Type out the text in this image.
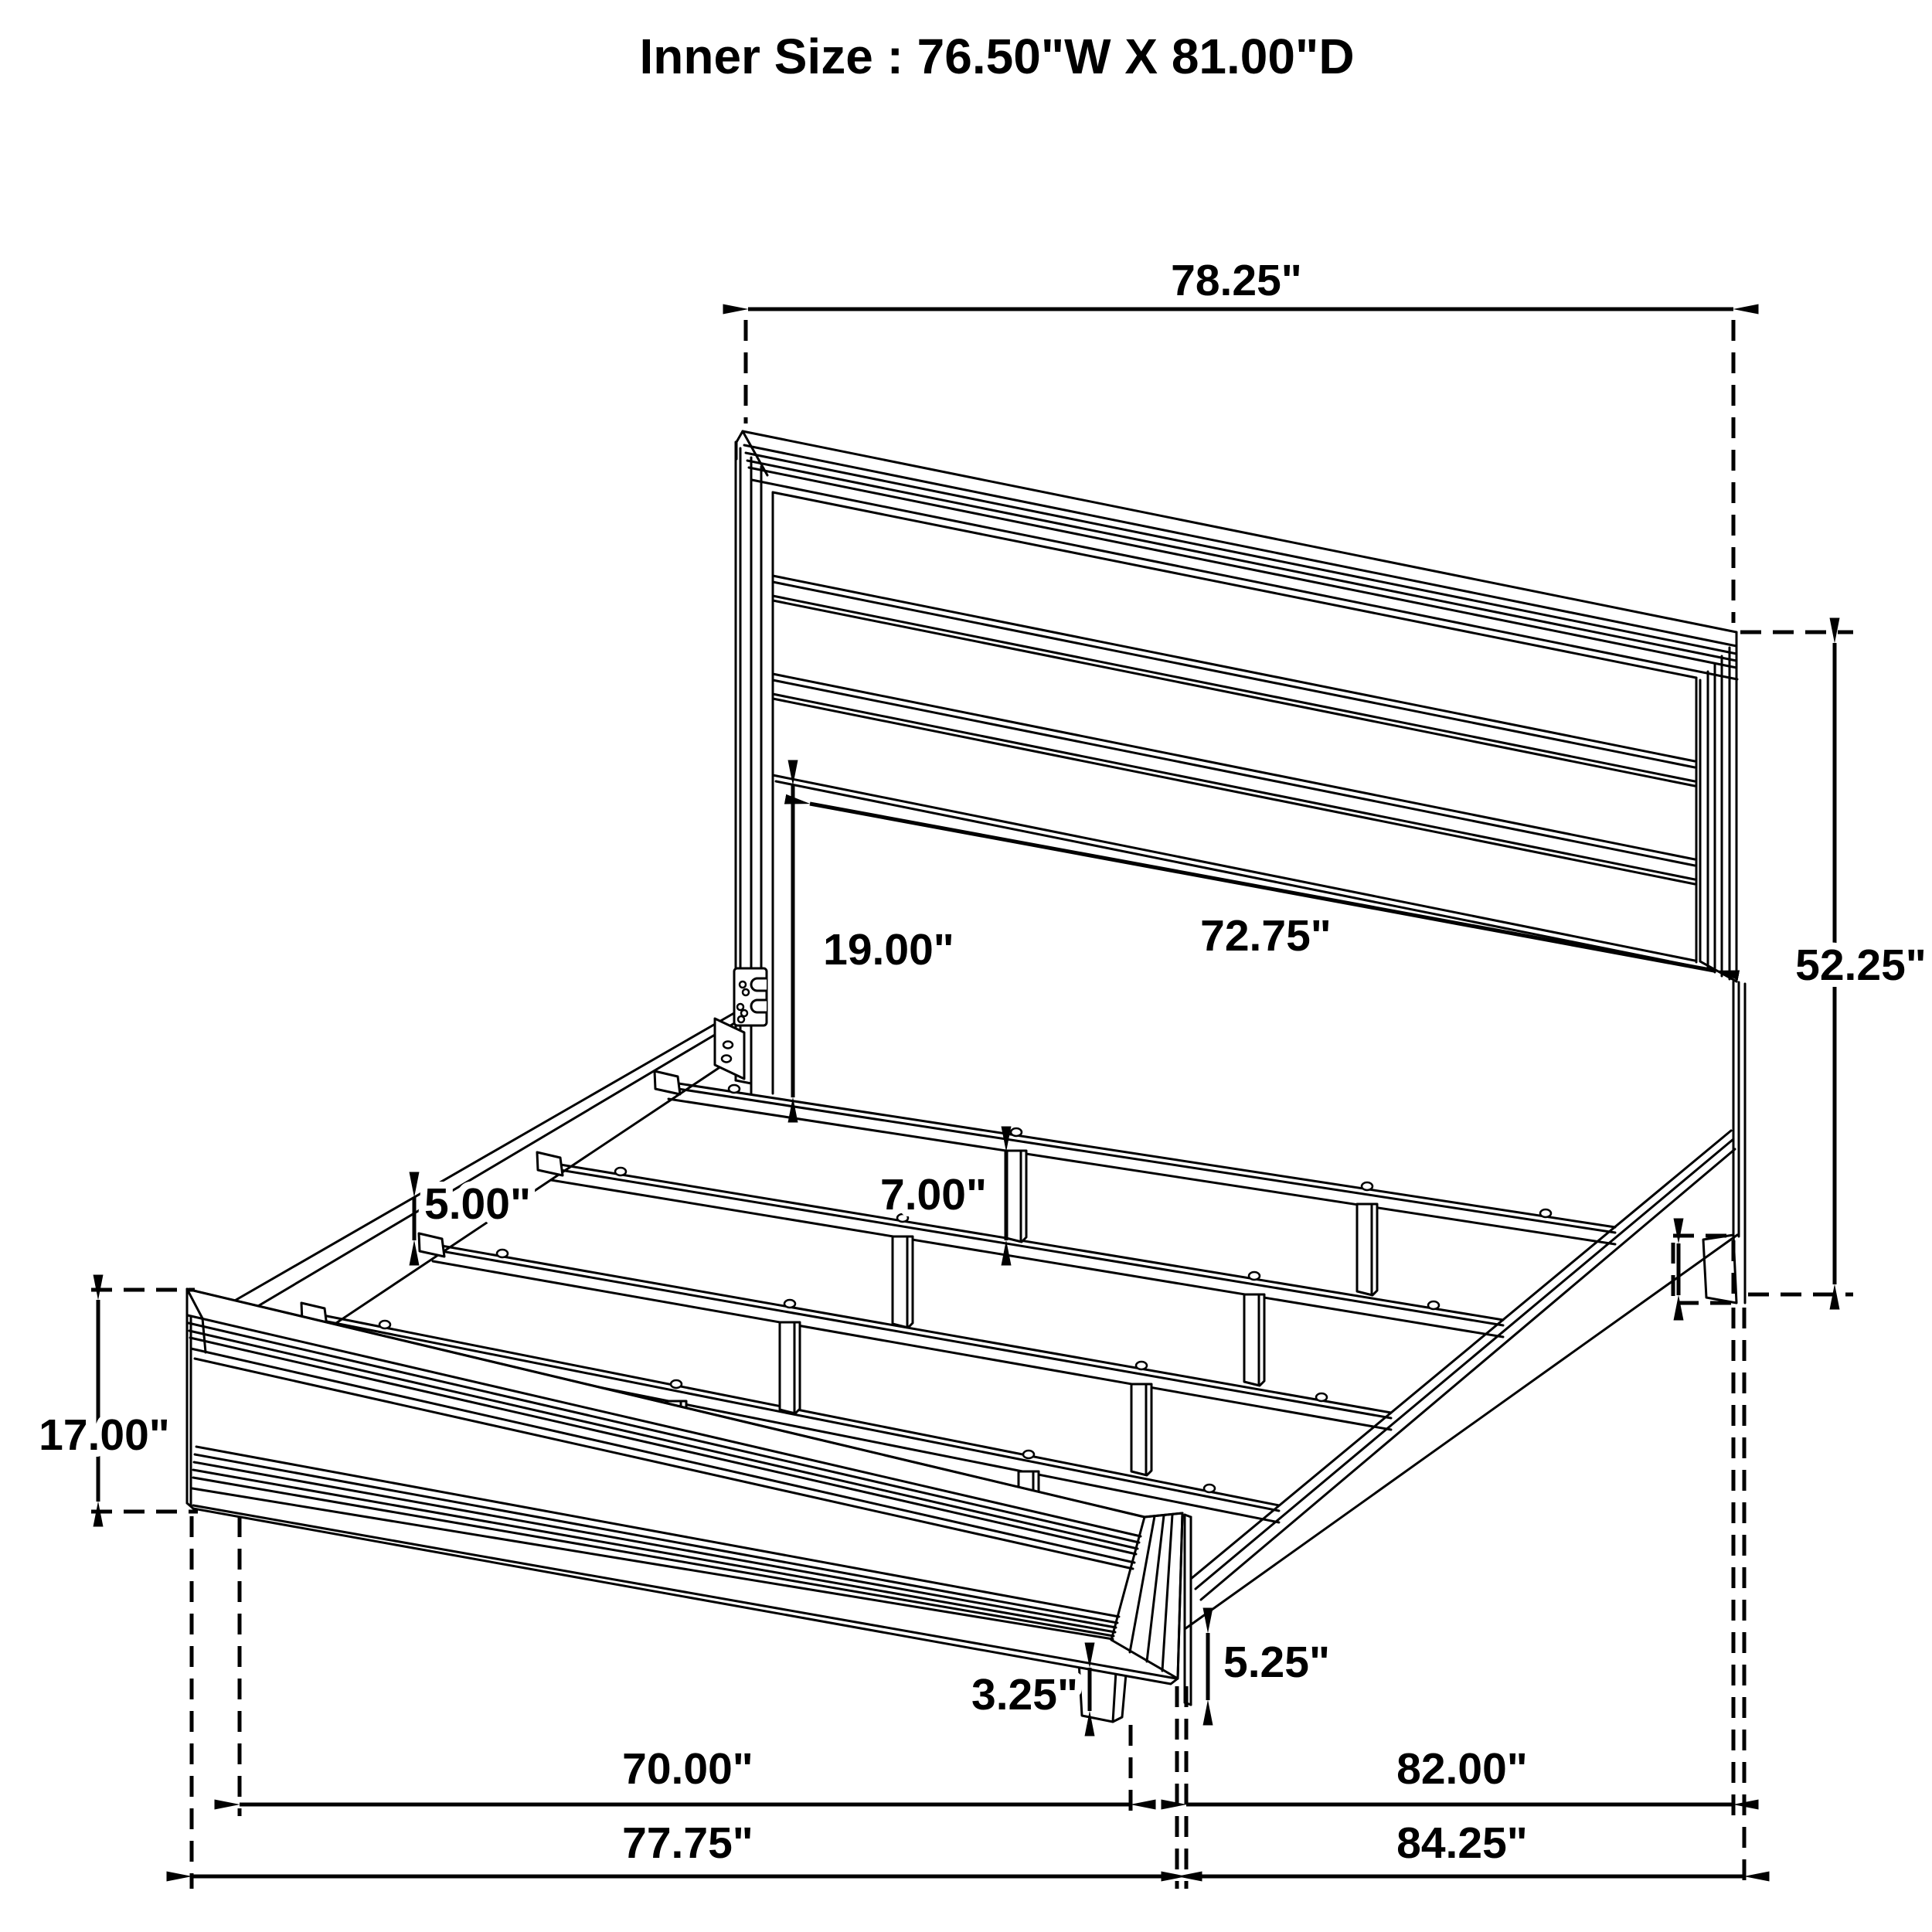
78.25"
52.25"
72.75"
19.00"
5.00"	7.00"
17.00"
3.25"
5.25"
70.00"
77.75"
82.00"
84.25"
Inner Size : 76.50"W X 81.00"D
